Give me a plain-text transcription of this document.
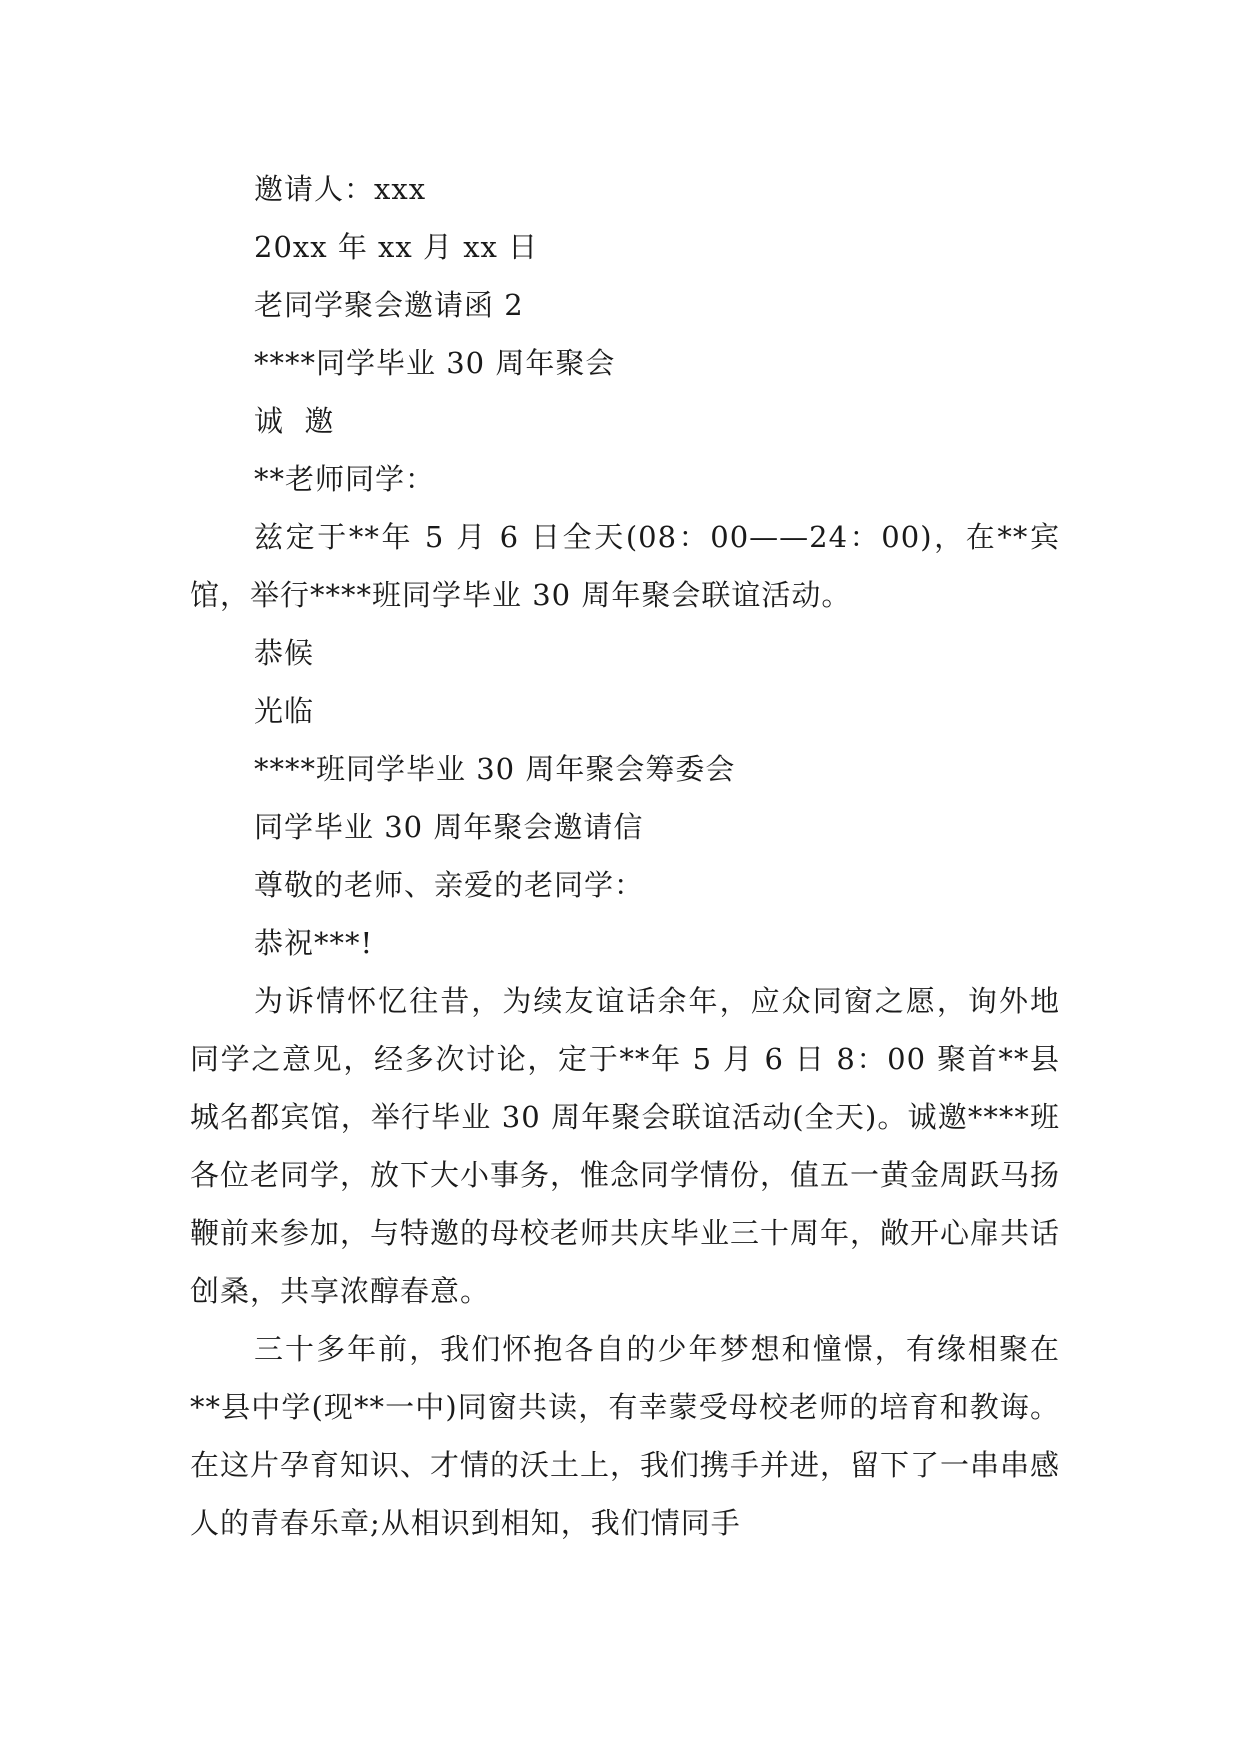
邀请人：xxx

20xx 年 xx 月 xx 日

老同学聚会邀请函 2

****同学毕业 30 周年聚会

诚  邀

**老师同学：

兹定于**年 5 月 6 日全天(08：00——24：00)，在**宾馆，举行****班同学毕业 30 周年聚会联谊活动。

恭候

光临

****班同学毕业 30 周年聚会筹委会

同学毕业 30 周年聚会邀请信

尊敬的老师、亲爱的老同学：

恭祝***!

为诉情怀忆往昔，为续友谊话余年，应众同窗之愿，询外地同学之意见，经多次讨论，定于**年 5 月 6 日 8：00 聚首**县城名都宾馆，举行毕业 30 周年聚会联谊活动(全天)。诚邀****班各位老同学，放下大小事务，惟念同学情份，值五一黄金周跃马扬鞭前来参加，与特邀的母校老师共庆毕业三十周年，敞开心扉共话创桑，共享浓醇春意。

三十多年前，我们怀抱各自的少年梦想和憧憬，有缘相聚在**县中学(现**一中)同窗共读，有幸蒙受母校老师的培育和教诲。在这片孕育知识、才情的沃土上，我们携手并进，留下了一串串感人的青春乐章;从相识到相知，我们情同手
